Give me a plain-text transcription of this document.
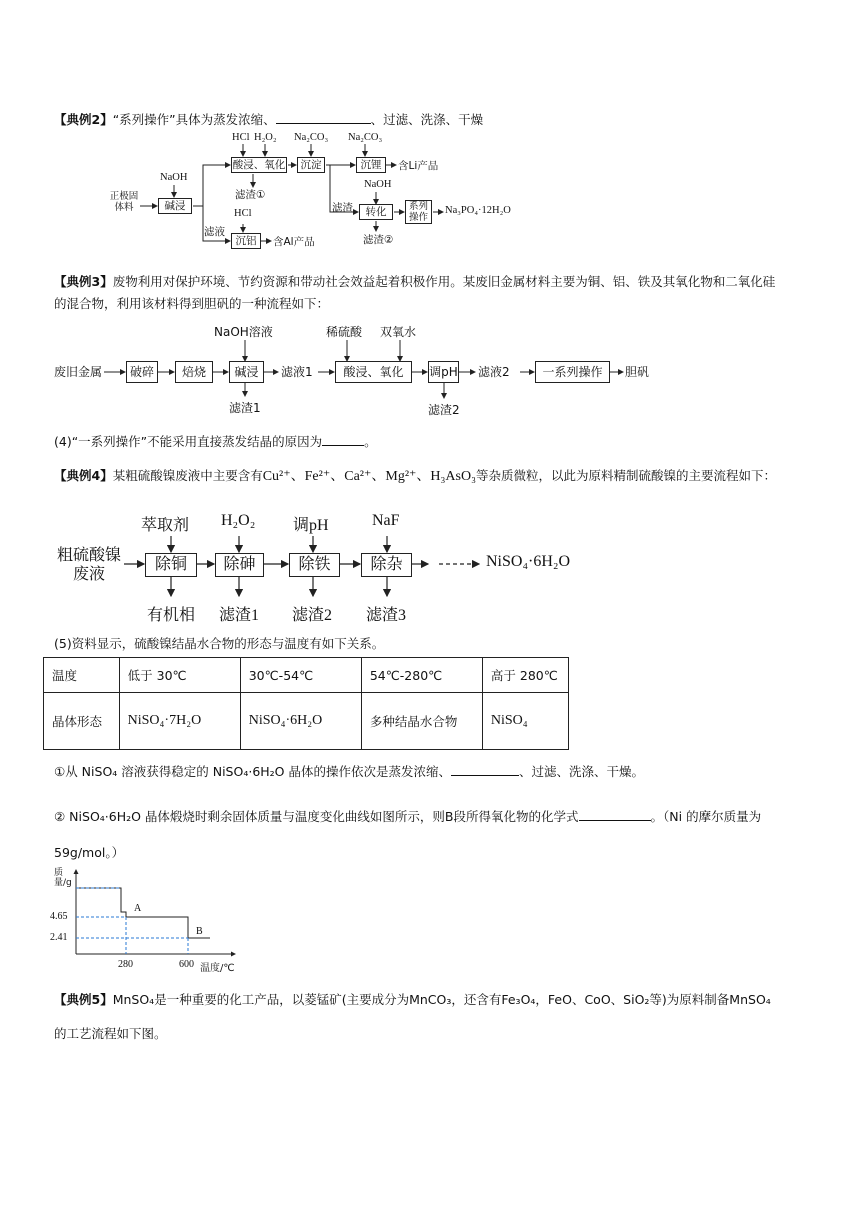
【典例2】“系列操作”具体为蒸发浓缩、	、过滤、洗涤、干燥
正极固体料
NaOH
碱浸
HCl H₂O₂
酸浸、氧化
滤渣①
Na₂CO₃
沉淀
Na₂CO₃
沉锂	含Li产品
NaOH
滤渣	转化	系列操作
Na₃PO₄·12H₂O
滤渣②
滤液
HCl
沉铝	含Al产品
【典例3】废物利用对保护环境、节约资源和带动社会效益起着积极作用。某废旧金属材料主要为铜、铝、铁及其氧化物和二氧化硅
的混合物，利用该材料得到胆矾的一种流程如下：
废旧金属	破碎	焙烧
NaOH溶液
碱浸
滤渣1
滤液1
稀硫酸 双氧水
酸浸、氧化	调pH
滤渣2
滤液2	一系列操作	胆矾
(4)“一系列操作”不能采用直接蒸发结晶的原因为	。
【典例4】某粗硫酸镍废液中主要含有Cu²⁺、Fe²⁺、Ca²⁺、Mg²⁺、H₃AsO₃等杂质微粒，以此为原料精制硫酸镍的主要流程如下：
粗硫酸镍
废液
萃取剂 H₂O₂ 调pH	NaF
除铜	除砷	除铁	除杂	NiSO₄·6H₂O
有机相 滤渣1 滤渣2 滤渣3
(5)资料显示，硫酸镍结晶水合物的形态与温度有如下关系。
温度	低于 30℃	30℃-54℃	54℃-280℃	高于 280℃
晶体形态	NiSO₄·7H₂O	NiSO₄·6H₂O	多种结晶水合物	NiSO₄
①从 NiSO₄ 溶液获得稳定的 NiSO₄·6H₂O 晶体的操作依次是蒸发浓缩、	、过滤、洗涤、干燥。
② NiSO₄·6H₂O 晶体煅烧时剩余固体质量与温度变化曲线如图所示，则B段所得氧化物的化学式	。（Ni 的摩尔质量为
59g/mol。）
质量/g
4.65
2.41
A
B
280	600 温度/℃
【典例5】MnSO₄是一种重要的化工产品，以菱锰矿(主要成分为MnCO₃，还含有Fe₃O₄，FeO、CoO、SiO₂等)为原料制备MnSO₄
的工艺流程如下图。
